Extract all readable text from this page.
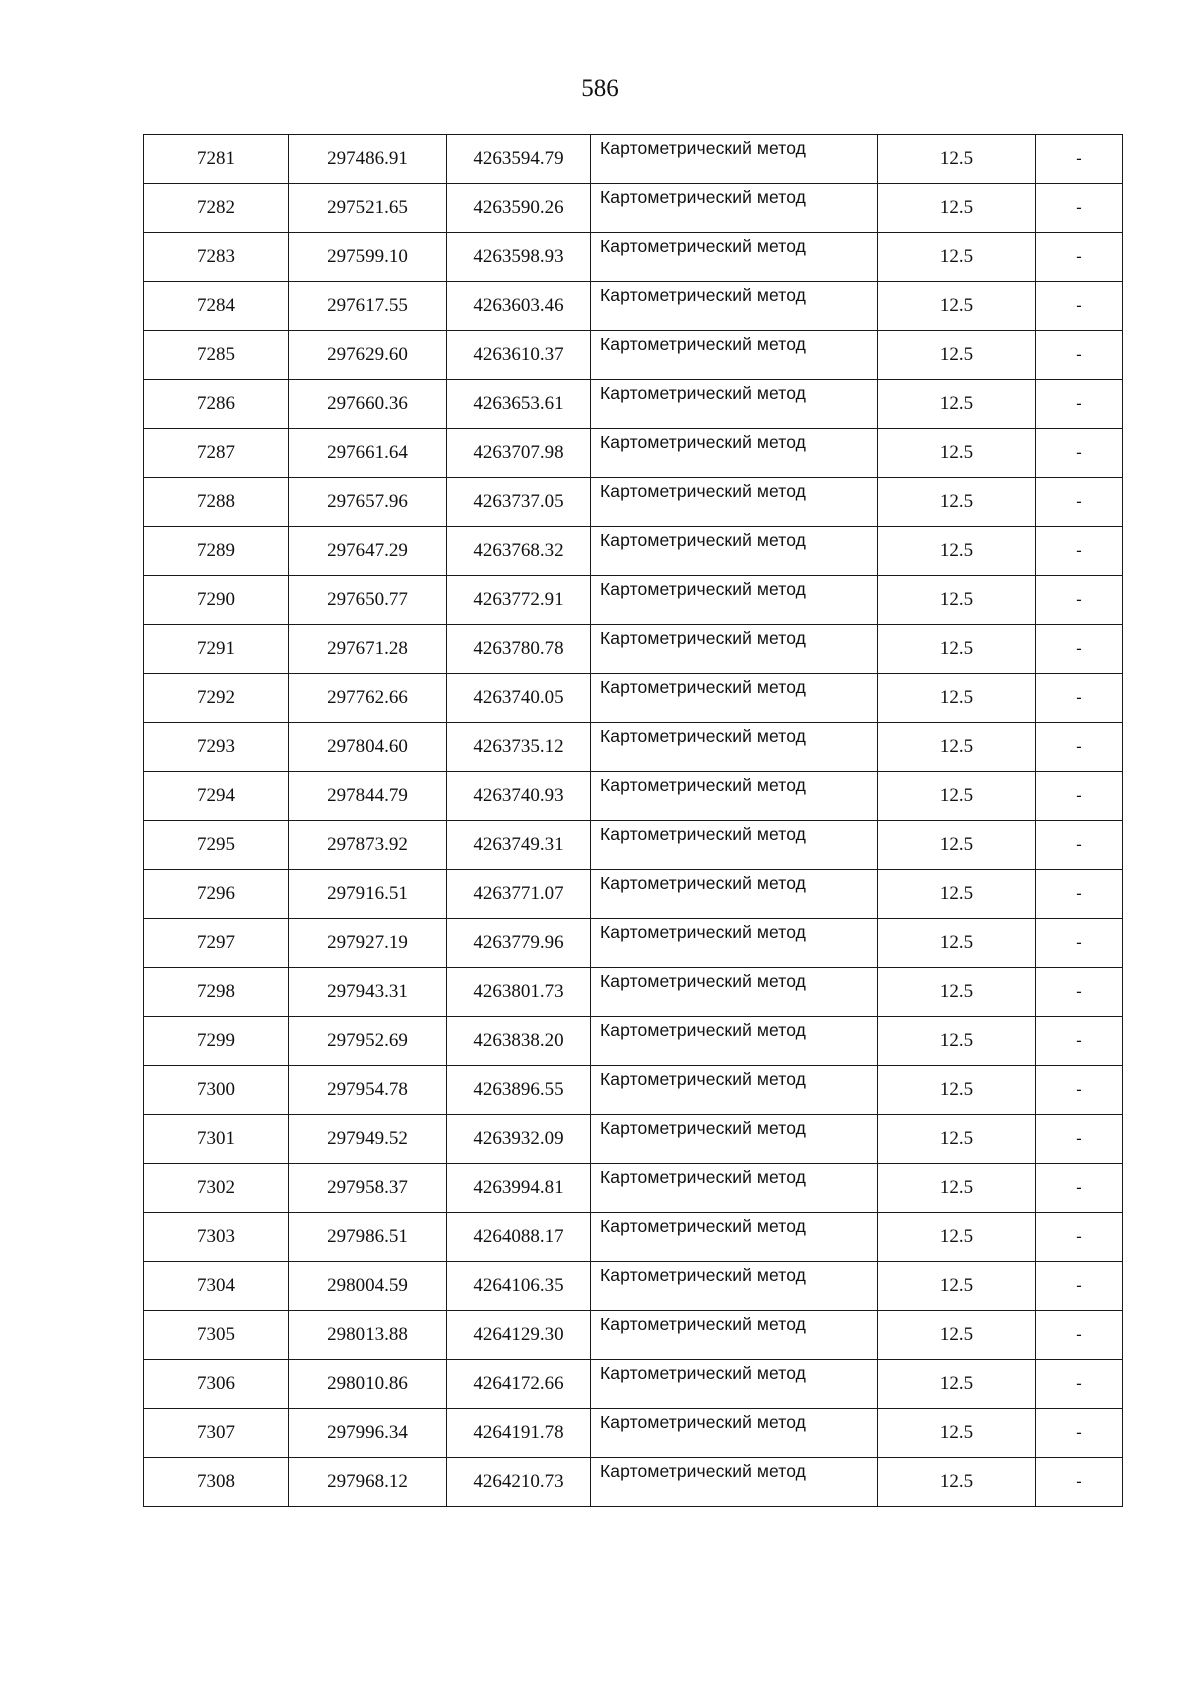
586
7281	297486.91	4263594.79	Картометрический метод	12.5	-
7282	297521.65	4263590.26	Картометрический метод	12.5	-
7283	297599.10	4263598.93	Картометрический метод	12.5	-
7284	297617.55	4263603.46	Картометрический метод	12.5	-
7285	297629.60	4263610.37	Картометрический метод	12.5	-
7286	297660.36	4263653.61	Картометрический метод	12.5	-
7287	297661.64	4263707.98	Картометрический метод	12.5	-
7288	297657.96	4263737.05	Картометрический метод	12.5	-
7289	297647.29	4263768.32	Картометрический метод	12.5	-
7290	297650.77	4263772.91	Картометрический метод	12.5	-
7291	297671.28	4263780.78	Картометрический метод	12.5	-
7292	297762.66	4263740.05	Картометрический метод	12.5	-
7293	297804.60	4263735.12	Картометрический метод	12.5	-
7294	297844.79	4263740.93	Картометрический метод	12.5	-
7295	297873.92	4263749.31	Картометрический метод	12.5	-
7296	297916.51	4263771.07	Картометрический метод	12.5	-
7297	297927.19	4263779.96	Картометрический метод	12.5	-
7298	297943.31	4263801.73	Картометрический метод	12.5	-
7299	297952.69	4263838.20	Картометрический метод	12.5	-
7300	297954.78	4263896.55	Картометрический метод	12.5	-
7301	297949.52	4263932.09	Картометрический метод	12.5	-
7302	297958.37	4263994.81	Картометрический метод	12.5	-
7303	297986.51	4264088.17	Картометрический метод	12.5	-
7304	298004.59	4264106.35	Картометрический метод	12.5	-
7305	298013.88	4264129.30	Картометрический метод	12.5	-
7306	298010.86	4264172.66	Картометрический метод	12.5	-
7307	297996.34	4264191.78	Картометрический метод	12.5	-
7308	297968.12	4264210.73	Картометрический метод	12.5	-
